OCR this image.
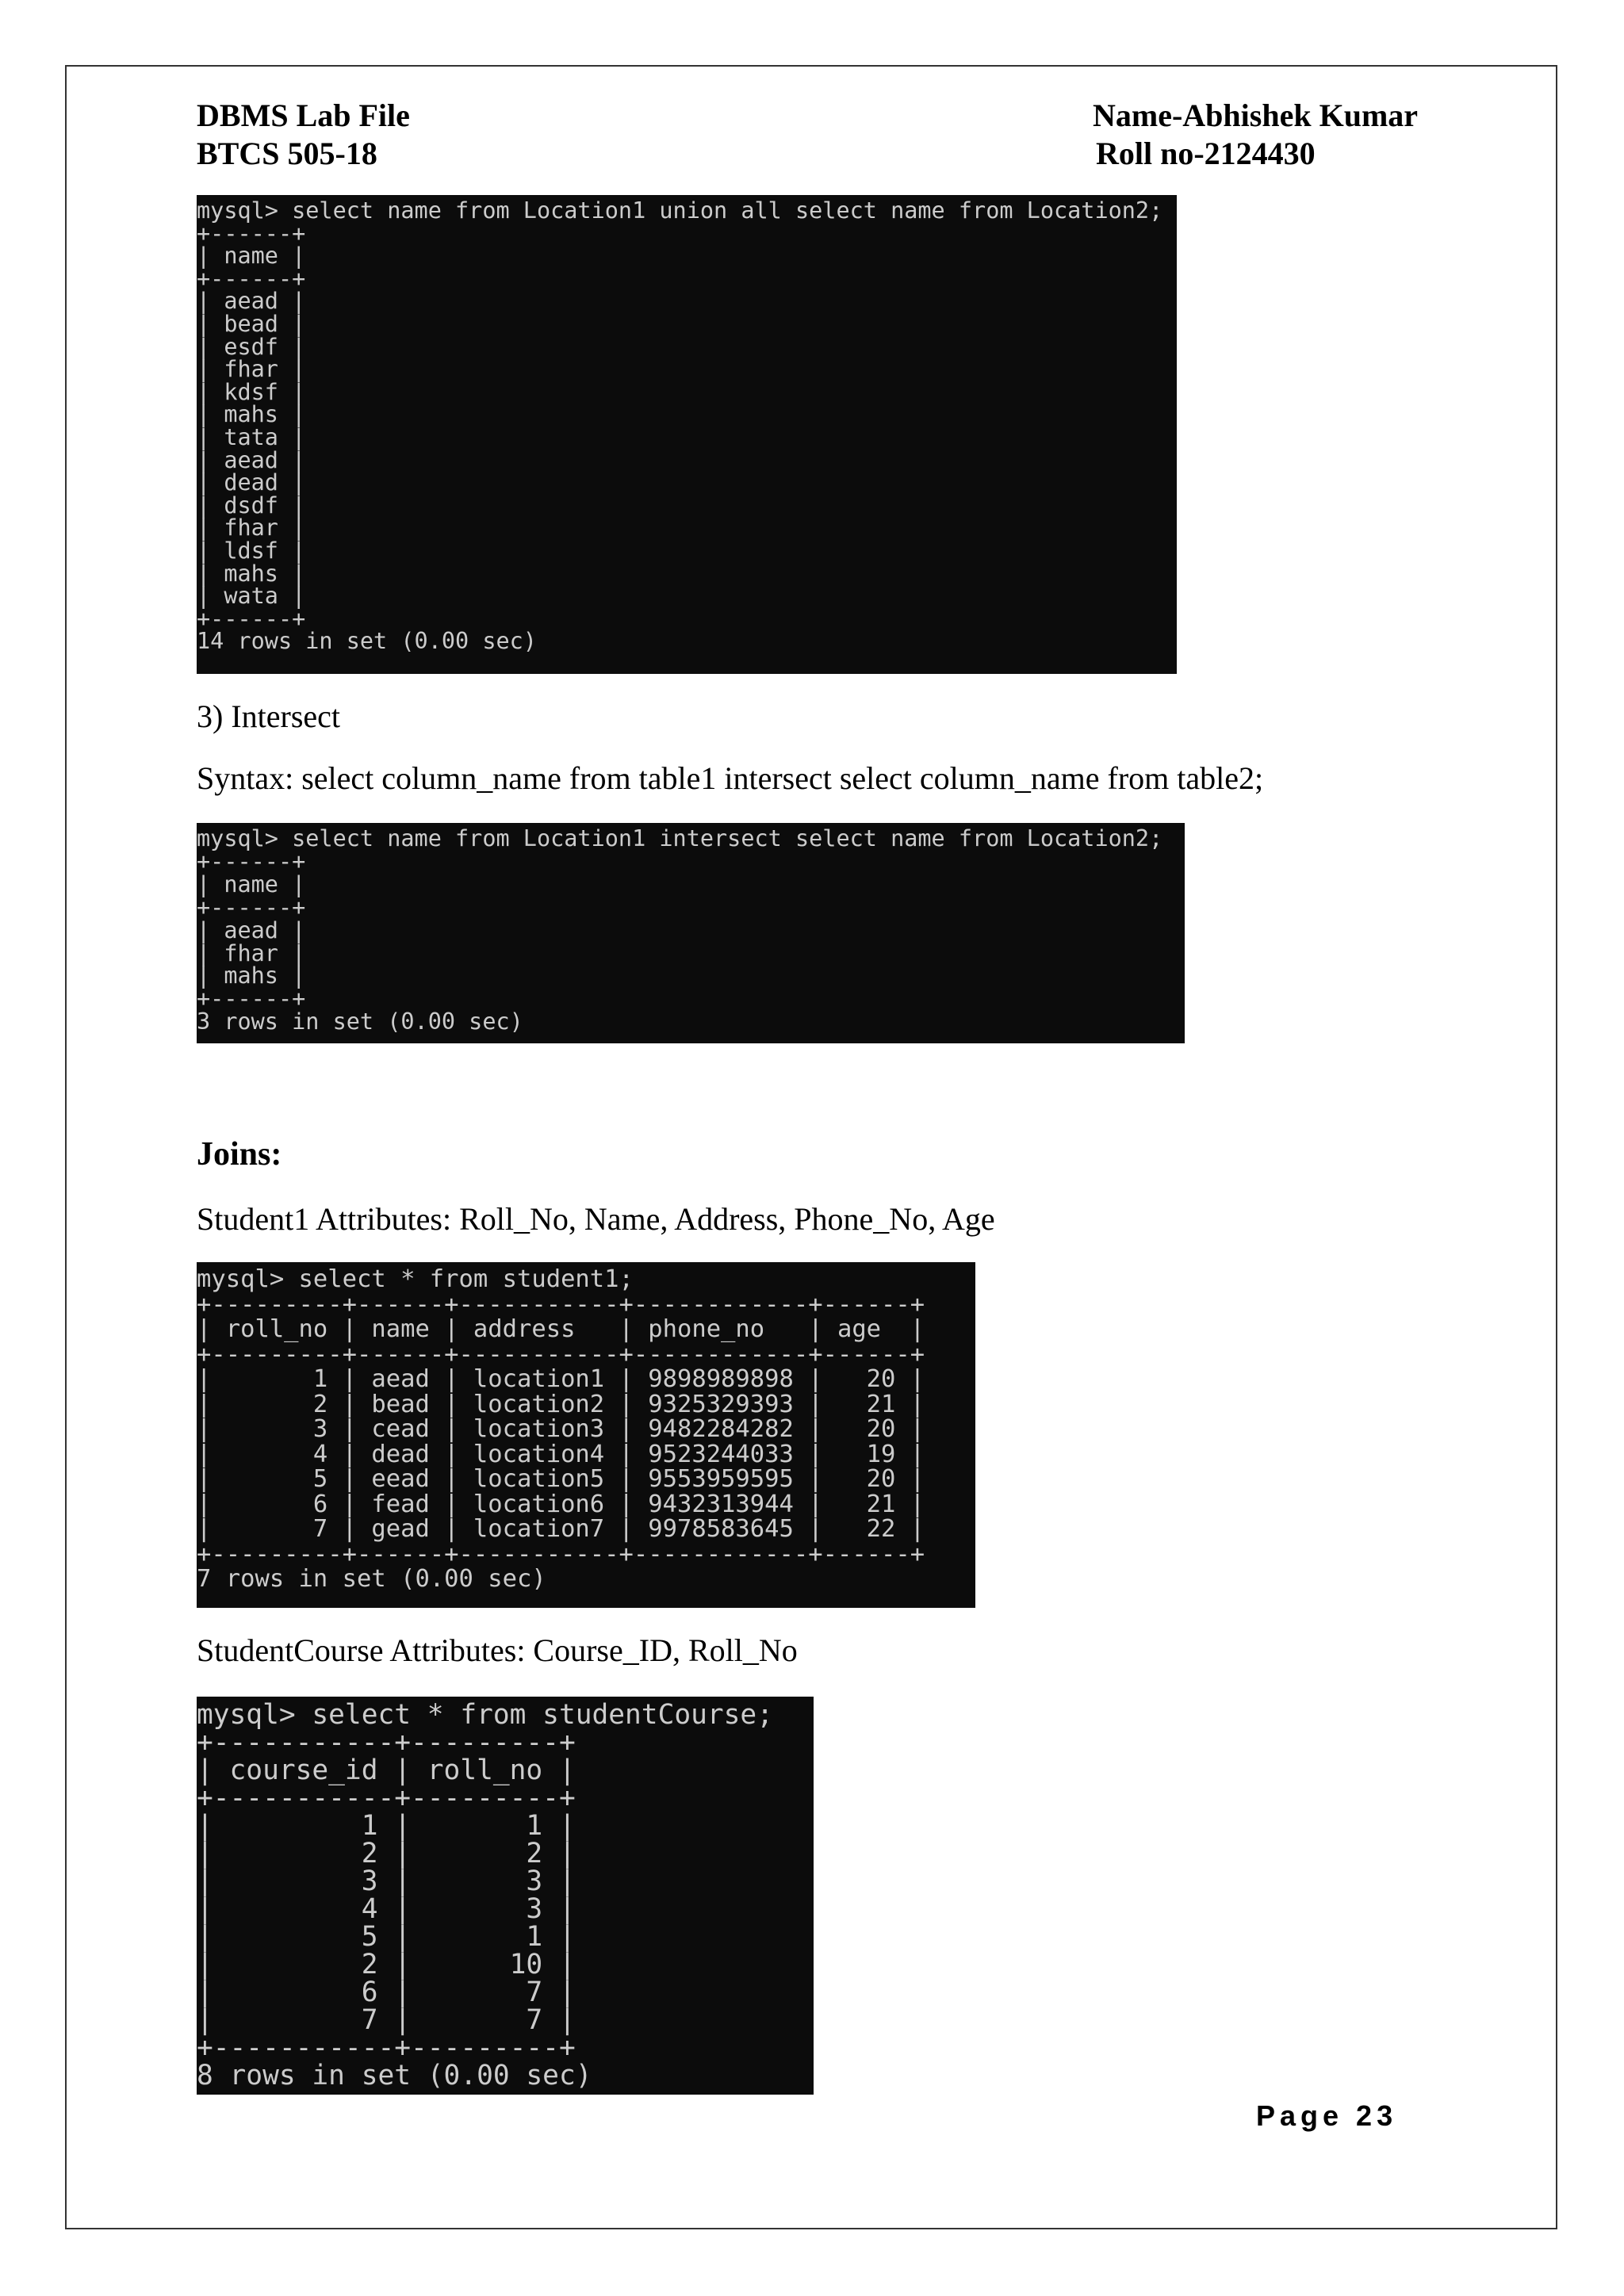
DBMS Lab File
BTCS 505-18
Name-Abhishek Kumar
Roll no-2124430
mysql> select name from Location1 union all select name from Location2;
+------+
| name |
+------+
| aead |
| bead |
| esdf |
| fhar |
| kdsf |
| mahs |
| tata |
| aead |
| dead |
| dsdf |
| fhar |
| ldsf |
| mahs |
| wata |
+------+
14 rows in set (0.00 sec)
3) Intersect
Syntax: select column_name from table1 intersect select column_name from table2;
mysql> select name from Location1 intersect select name from Location2;
+------+
| name |
+------+
| aead |
| fhar |
| mahs |
+------+
3 rows in set (0.00 sec)
Joins:
Student1 Attributes: Roll_No, Name, Address, Phone_No, Age
mysql> select * from student1;
+---------+------+-----------+------------+------+
| roll_no | name | address   | phone_no   | age  |
+---------+------+-----------+------------+------+
|       1 | aead | location1 | 9898989898 |   20 |
|       2 | bead | location2 | 9325329393 |   21 |
|       3 | cead | location3 | 9482284282 |   20 |
|       4 | dead | location4 | 9523244033 |   19 |
|       5 | eead | location5 | 9553959595 |   20 |
|       6 | fead | location6 | 9432313944 |   21 |
|       7 | gead | location7 | 9978583645 |   22 |
+---------+------+-----------+------------+------+
7 rows in set (0.00 sec)
StudentCourse Attributes: Course_ID, Roll_No
mysql> select * from studentCourse;
+-----------+---------+
| course_id | roll_no |
+-----------+---------+
|         1 |       1 |
|         2 |       2 |
|         3 |       3 |
|         4 |       3 |
|         5 |       1 |
|         2 |      10 |
|         6 |       7 |
|         7 |       7 |
+-----------+---------+
8 rows in set (0.00 sec)
Page 23
